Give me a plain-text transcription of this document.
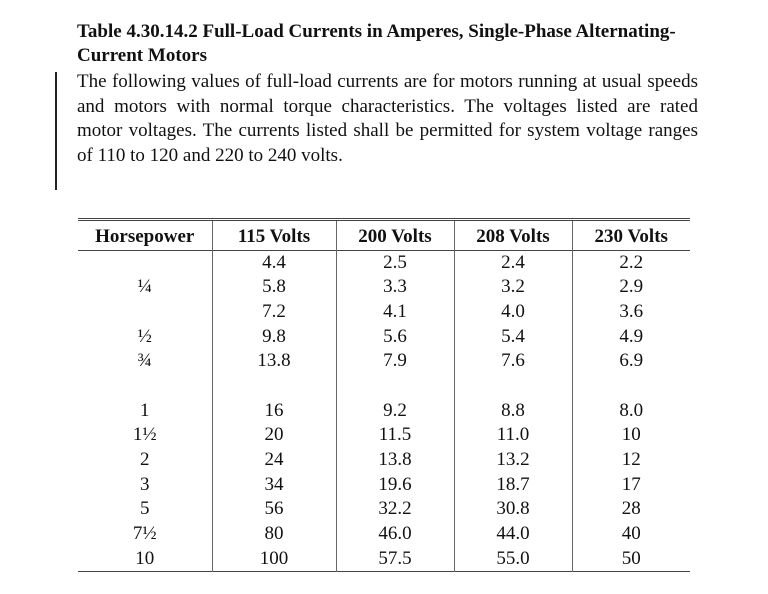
Table 4.30.14.2 Full-Load Currents in Amperes, Single-Phase Alternating-Current Motors

The following values of full-load currents are for motors running at usual speeds and motors with normal torque characteristics. The voltages listed are rated motor voltages. The currents listed shall be permitted for system voltage ranges of 110 to 120 and 220 to 240 volts.

Horsepower	115 Volts	200 Volts	208 Volts	230 Volts
	4.4	2.5	2.4	2.2
¼	5.8	3.3	3.2	2.9
	7.2	4.1	4.0	3.6
½	9.8	5.6	5.4	4.9
¾	13.8	7.9	7.6	6.9

1	16	9.2	8.8	8.0
1½	20	11.5	11.0	10
2	24	13.8	13.2	12
3	34	19.6	18.7	17
5	56	32.2	30.8	28
7½	80	46.0	44.0	40
10	100	57.5	55.0	50
